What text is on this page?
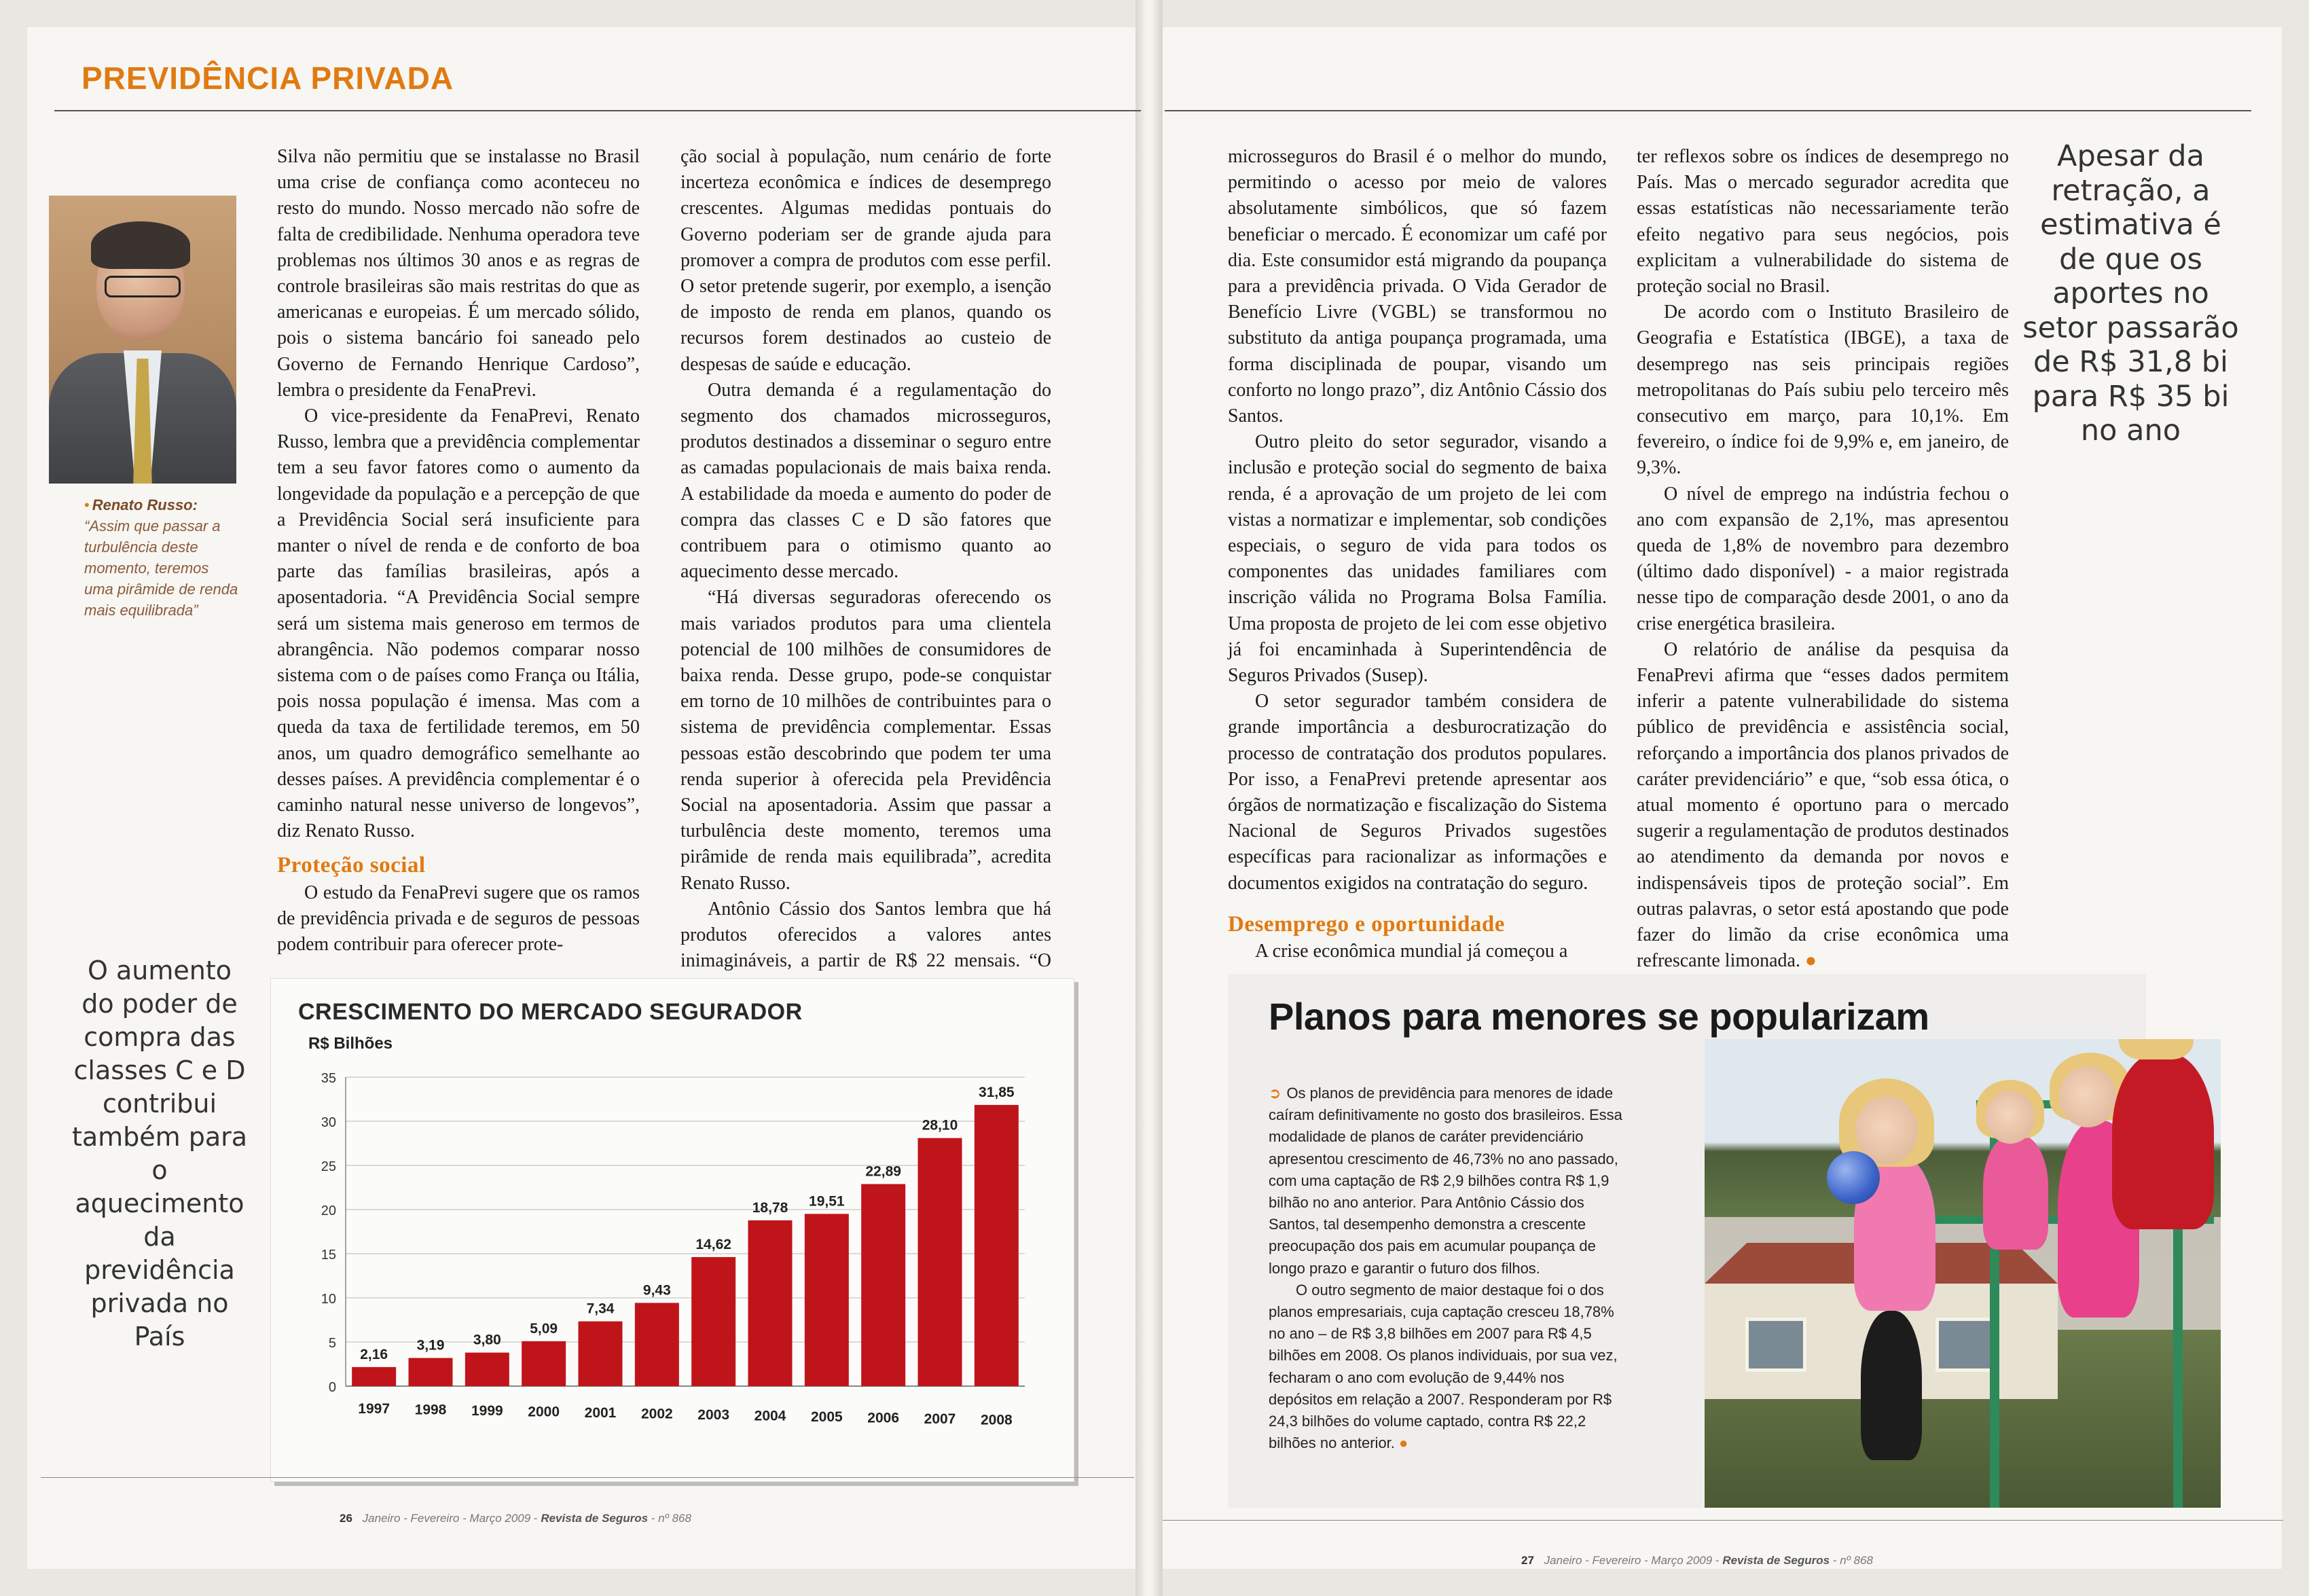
PREVIDÊNCIA PRIVADA
• Renato Russo: “Assim que passar a turbulência deste momento, teremos uma pirâmide de renda mais equilibrada”
O aumento do poder de compra das classes C e D contribui também para o aquecimento da previdência privada no País

Silva não permitiu que se instalasse no Brasil uma crise de confiança como aconteceu no resto do mundo. Nosso mercado não sofre de falta de credibilidade. Nenhuma operadora teve problemas nos últimos 30 anos e as regras de controle brasileiras são mais restritas do que as americanas e europeias. É um mercado sólido, pois o sistema bancário foi saneado pelo Governo de Fernando Henrique Cardoso”, lembra o presidente da FenaPrevi.

O vice-presidente da FenaPrevi, Renato Russo, lembra que a previdência complementar tem a seu favor fatores como o aumento da longevidade da população e a percepção de que a Previdência Social será insuficiente para manter o nível de renda e de conforto de boa parte das famílias brasileiras, após a aposentadoria. “A Previdência Social sempre será um sistema mais generoso em termos de abrangência. Não podemos comparar nosso sistema com o de países como França ou Itália, pois nossa população é imensa. Mas com a queda da taxa de fertilidade teremos, em 50 anos, um quadro demográfico semelhante ao desses países. A previdência complementar é o caminho natural nesse universo de longevos”, diz Renato Russo.

Proteção social

O estudo da FenaPrevi sugere que os ramos de previdência privada e de seguros de pessoas podem contribuir para oferecer prote-

ção social à população, num cenário de forte incerteza econômica e índices de desemprego crescentes. Algumas medidas pontuais do Governo poderiam ser de grande ajuda para promover a compra de produtos com esse perfil. O setor pretende sugerir, por exemplo, a isenção de imposto de renda em planos, quando os recursos forem destinados ao custeio de despesas de saúde e educação.

Outra demanda é a regulamentação do segmento dos chamados microsseguros, produtos destinados a disseminar o seguro entre as camadas populacionais de mais baixa renda. A estabilidade da moeda e aumento do poder de compra das classes C e D são fatores que contribuem para o otimismo quanto ao aquecimento desse mercado.

“Há diversas seguradoras oferecendo os mais variados produtos para uma clientela potencial de 100 milhões de consumidores de baixa renda. Desse grupo, pode-se conquistar em torno de 10 milhões de contribuintes para o sistema de previdência complementar. Essas pessoas estão descobrindo que podem ter uma renda superior à oferecida pela Previdência Social na aposentadoria. Assim que passar a turbulência deste momento, teremos uma pirâmide de renda mais equilibrada”, acredita Renato Russo.

Antônio Cássio dos Santos lembra que há produtos oferecidos a valores antes inimagináveis, a partir de R$ 22 mensais. “O

CRESCIMENTO DO MERCADO SEGURADOR
R$ Bilhões
0
5
10
15
20
25
30
35
2,16
1997
3,19
1998
3,80
1999
5,09
2000
7,34
2001
9,43
2002
14,62
2003
18,78
2004
19,51
2005
22,89
2006
28,10
2007
31,85
2008

microsseguros do Brasil é o melhor do mundo, permitindo o acesso por meio de valores absolutamente simbólicos, que só fazem beneficiar o mercado. É economizar um café por dia. Este consumidor está migrando da poupança para a previdência privada. O Vida Gerador de Benefício Livre (VGBL) se transformou no substituto da antiga poupança programada, uma forma disciplinada de poupar, visando um conforto no longo prazo”, diz Antônio Cássio dos Santos.

Outro pleito do setor segurador, visando a inclusão e proteção social do segmento de baixa renda, é a aprovação de um projeto de lei com vistas a normatizar e implementar, sob condições especiais, o seguro de vida para todos os componentes das unidades familiares com inscrição válida no Programa Bolsa Família. Uma proposta de projeto de lei com esse objetivo já foi encaminhada à Superintendência de Seguros Privados (Susep).

O setor segurador também considera de grande importância a desburocratização do processo de contratação dos produtos populares. Por isso, a FenaPrevi pretende apresentar aos órgãos de normatização e fiscalização do Sistema Nacional de Seguros Privados sugestões específicas para racionalizar as informações e documentos exigidos na contratação do seguro.

Desemprego e oportunidade

A crise econômica mundial já começou a

ter reflexos sobre os índices de desemprego no País. Mas o mercado segurador acredita que essas estatísticas não necessariamente terão efeito negativo para seus negócios, pois explicitam a vulnerabilidade do sistema de proteção social no Brasil.

De acordo com o Instituto Brasileiro de Geografia e Estatística (IBGE), a taxa de desemprego nas seis principais regiões metropolitanas do País subiu pelo terceiro mês consecutivo em março, para 10,1%. Em fevereiro, o índice foi de 9,9% e, em janeiro, de 9,3%.

O nível de emprego na indústria fechou o ano com expansão de 2,1%, mas apresentou queda de 1,8% de novembro para dezembro (último dado disponível) - a maior registrada nesse tipo de comparação desde 2001, o ano da crise energética brasileira.

O relatório de análise da pesquisa da FenaPrevi afirma que “esses dados permitem inferir a patente vulnerabilidade do sistema público de previdência e assistência social, reforçando a importância dos planos privados de caráter previdenciário” e que, “sob essa ótica, o atual momento é oportuno para o mercado sugerir a regulamentação de produtos destinados ao atendimento da demanda por novos e indispensáveis tipos de proteção social”. Em outras palavras, o setor está apostando que pode fazer do limão da crise econômica uma refrescante limonada. ●

Apesar da retração, a estimativa é de que os aportes no setor passarão de R$ 31,8 bi para R$ 35 bi no ano
Planos para menores se popularizam

➲ Os planos de previdência para menores de idade caíram definitivamente no gosto dos brasileiros. Essa modalidade de planos de caráter previdenciário apresentou crescimento de 46,73% no ano passado, com uma captação de R$ 2,9 bilhões contra R$ 1,9 bilhão no ano anterior. Para Antônio Cássio dos Santos, tal desempenho demonstra a crescente preocupação dos pais em acumular poupança de longo prazo e garantir o futuro dos filhos.

O outro segmento de maior destaque foi o dos planos empresariais, cuja captação cresceu 18,78% no ano – de R$ 3,8 bilhões em 2007 para R$ 4,5 bilhões em 2008. Os planos individuais, por sua vez, fecharam o ano com evolução de 9,44% nos depósitos em relação a 2007. Responderam por R$ 24,3 bilhões do volume captado, contra R$ 22,2 bilhões no anterior. ●

26 Janeiro - Fevereiro - Março 2009 - Revista de Seguros - nº 868
27 Janeiro - Fevereiro - Março 2009 - Revista de Seguros - nº 868
